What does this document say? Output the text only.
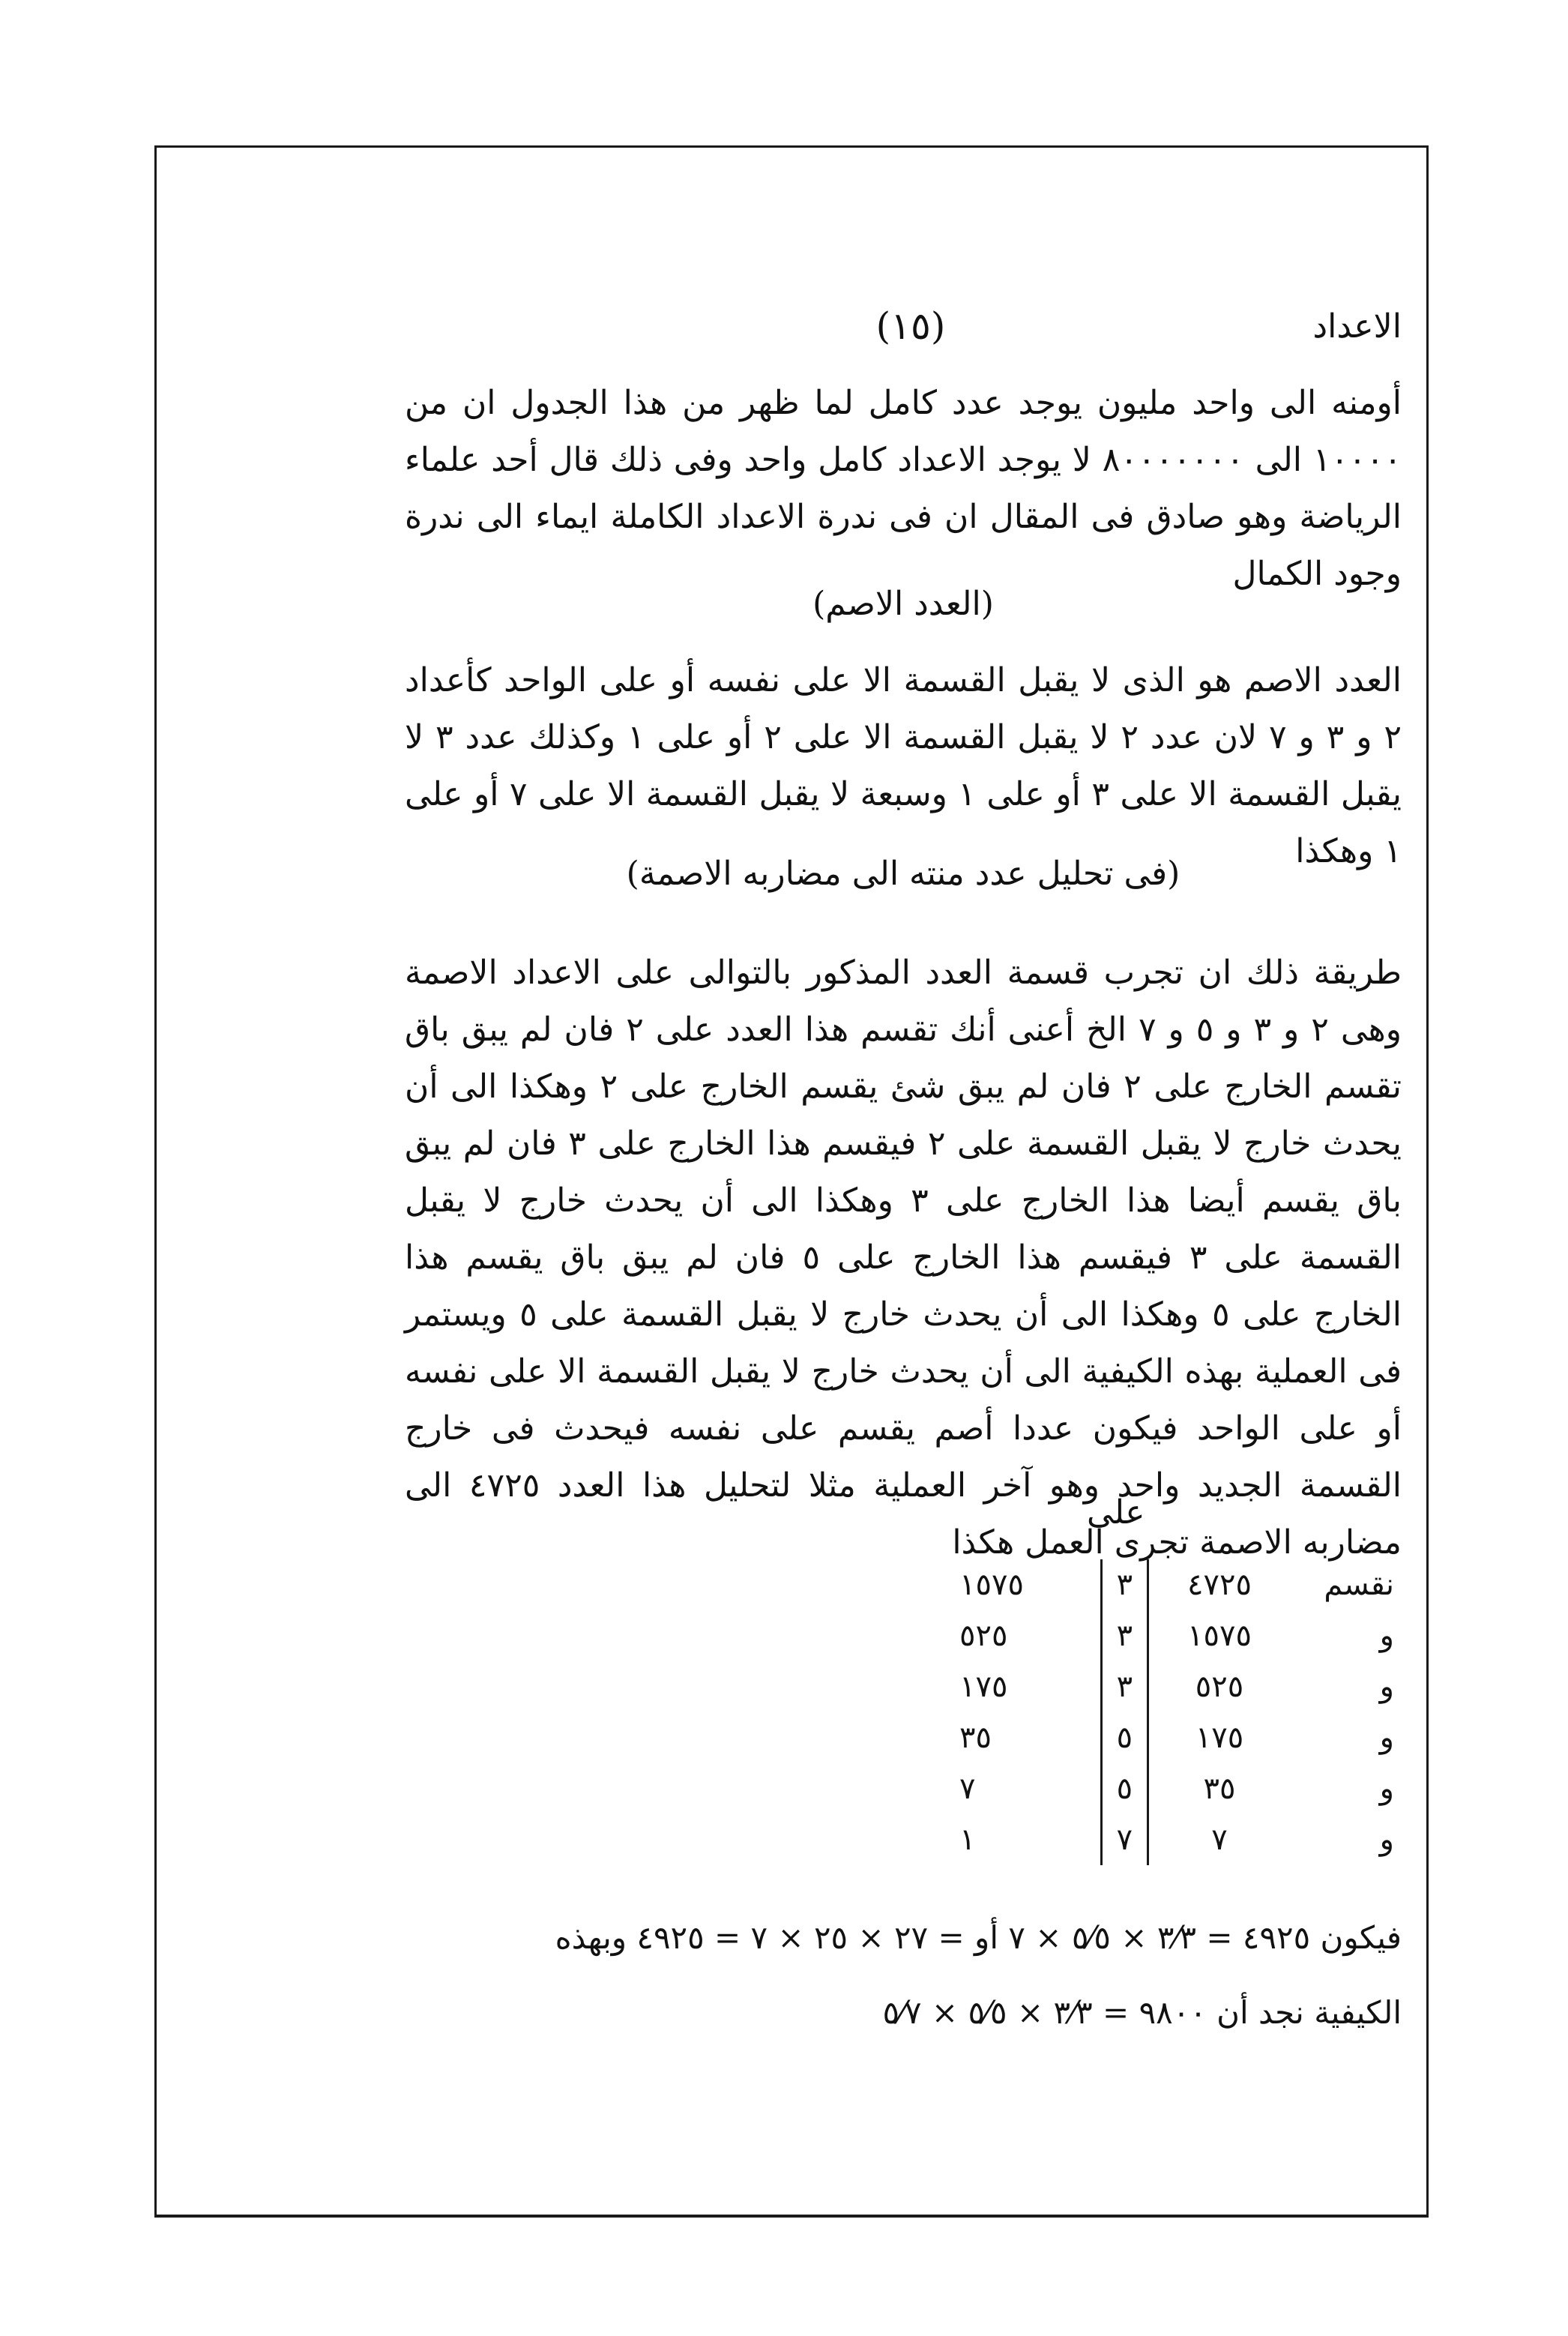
الاعداد
(١٥)
أومنه الى واحد مليون يوجد عدد كامل لما ظهر من هذا الجدول ان من ١٠٠٠٠ الى ٨٠٠٠٠٠٠٠ لا يوجد الاعداد كامل واحد وفى ذلك قال أحد علماء الرياضة وهو صادق فى المقال ان فى ندرة الاعداد الكاملة ايماء الى ندرة وجود الكمال
(العدد الاصم)
العدد الاصم هو الذى لا يقبل القسمة الا على نفسه أو على الواحد كأعداد ٢ و ٣ و ٧ لان عدد ٢ لا يقبل القسمة الا على ٢ أو على ١ وكذلك عدد ٣ لا يقبل القسمة الا على ٣ أو على ١ وسبعة لا يقبل القسمة الا على ٧ أو على ١ وهكذا
(فى تحليل عدد منته الى مضاربه الاصمة)
طريقة ذلك ان تجرب قسمة العدد المذكور بالتوالى على الاعداد الاصمة وهى ٢ و ٣ و ٥ و ٧ الخ أعنى أنك تقسم هذا العدد على ٢ فان لم يبق باق تقسم الخارج على ٢ فان لم يبق شئ يقسم الخارج على ٢ وهكذا الى أن يحدث خارج لا يقبل القسمة على ٢ فيقسم هذا الخارج على ٣ فان لم يبق باق يقسم أيضا هذا الخارج على ٣ وهكذا الى أن يحدث خارج لا يقبل القسمة على ٣ فيقسم هذا الخارج على ٥ فان لم يبق باق يقسم هذا الخارج على ٥ وهكذا الى أن يحدث خارج لا يقبل القسمة على ٥ ويستمر فى العملية بهذه الكيفية الى أن يحدث خارج لا يقبل القسمة الا على نفسه أو على الواحد فيكون عددا أصم يقسم على نفسه فيحدث فى خارج القسمة الجديد واحد وهو آخر العملية مثلا لتحليل هذا العدد ٤٧٢٥ الى مضاربه الاصمة تجرى العمل هكذا
على
نقسم	٤٧٢٥	٣	١٥٧٥
و	١٥٧٥	٣	٥٢٥
و	٥٢٥	٣	١٧٥
و	١٧٥	٥	٣٥
و	٣٥	٥	٧
و	٧	٧	١
فيكون ٤٩٢٥ = ٣⁄٣ × ٥⁄٥ × ٧ أو = ٢٧ × ٢٥ × ٧ = ٤٩٢٥ وبهذه
الكيفية نجد أن ٩٨٠٠ = ٣⁄٣ × ٥⁄٥ × ٥⁄٧
